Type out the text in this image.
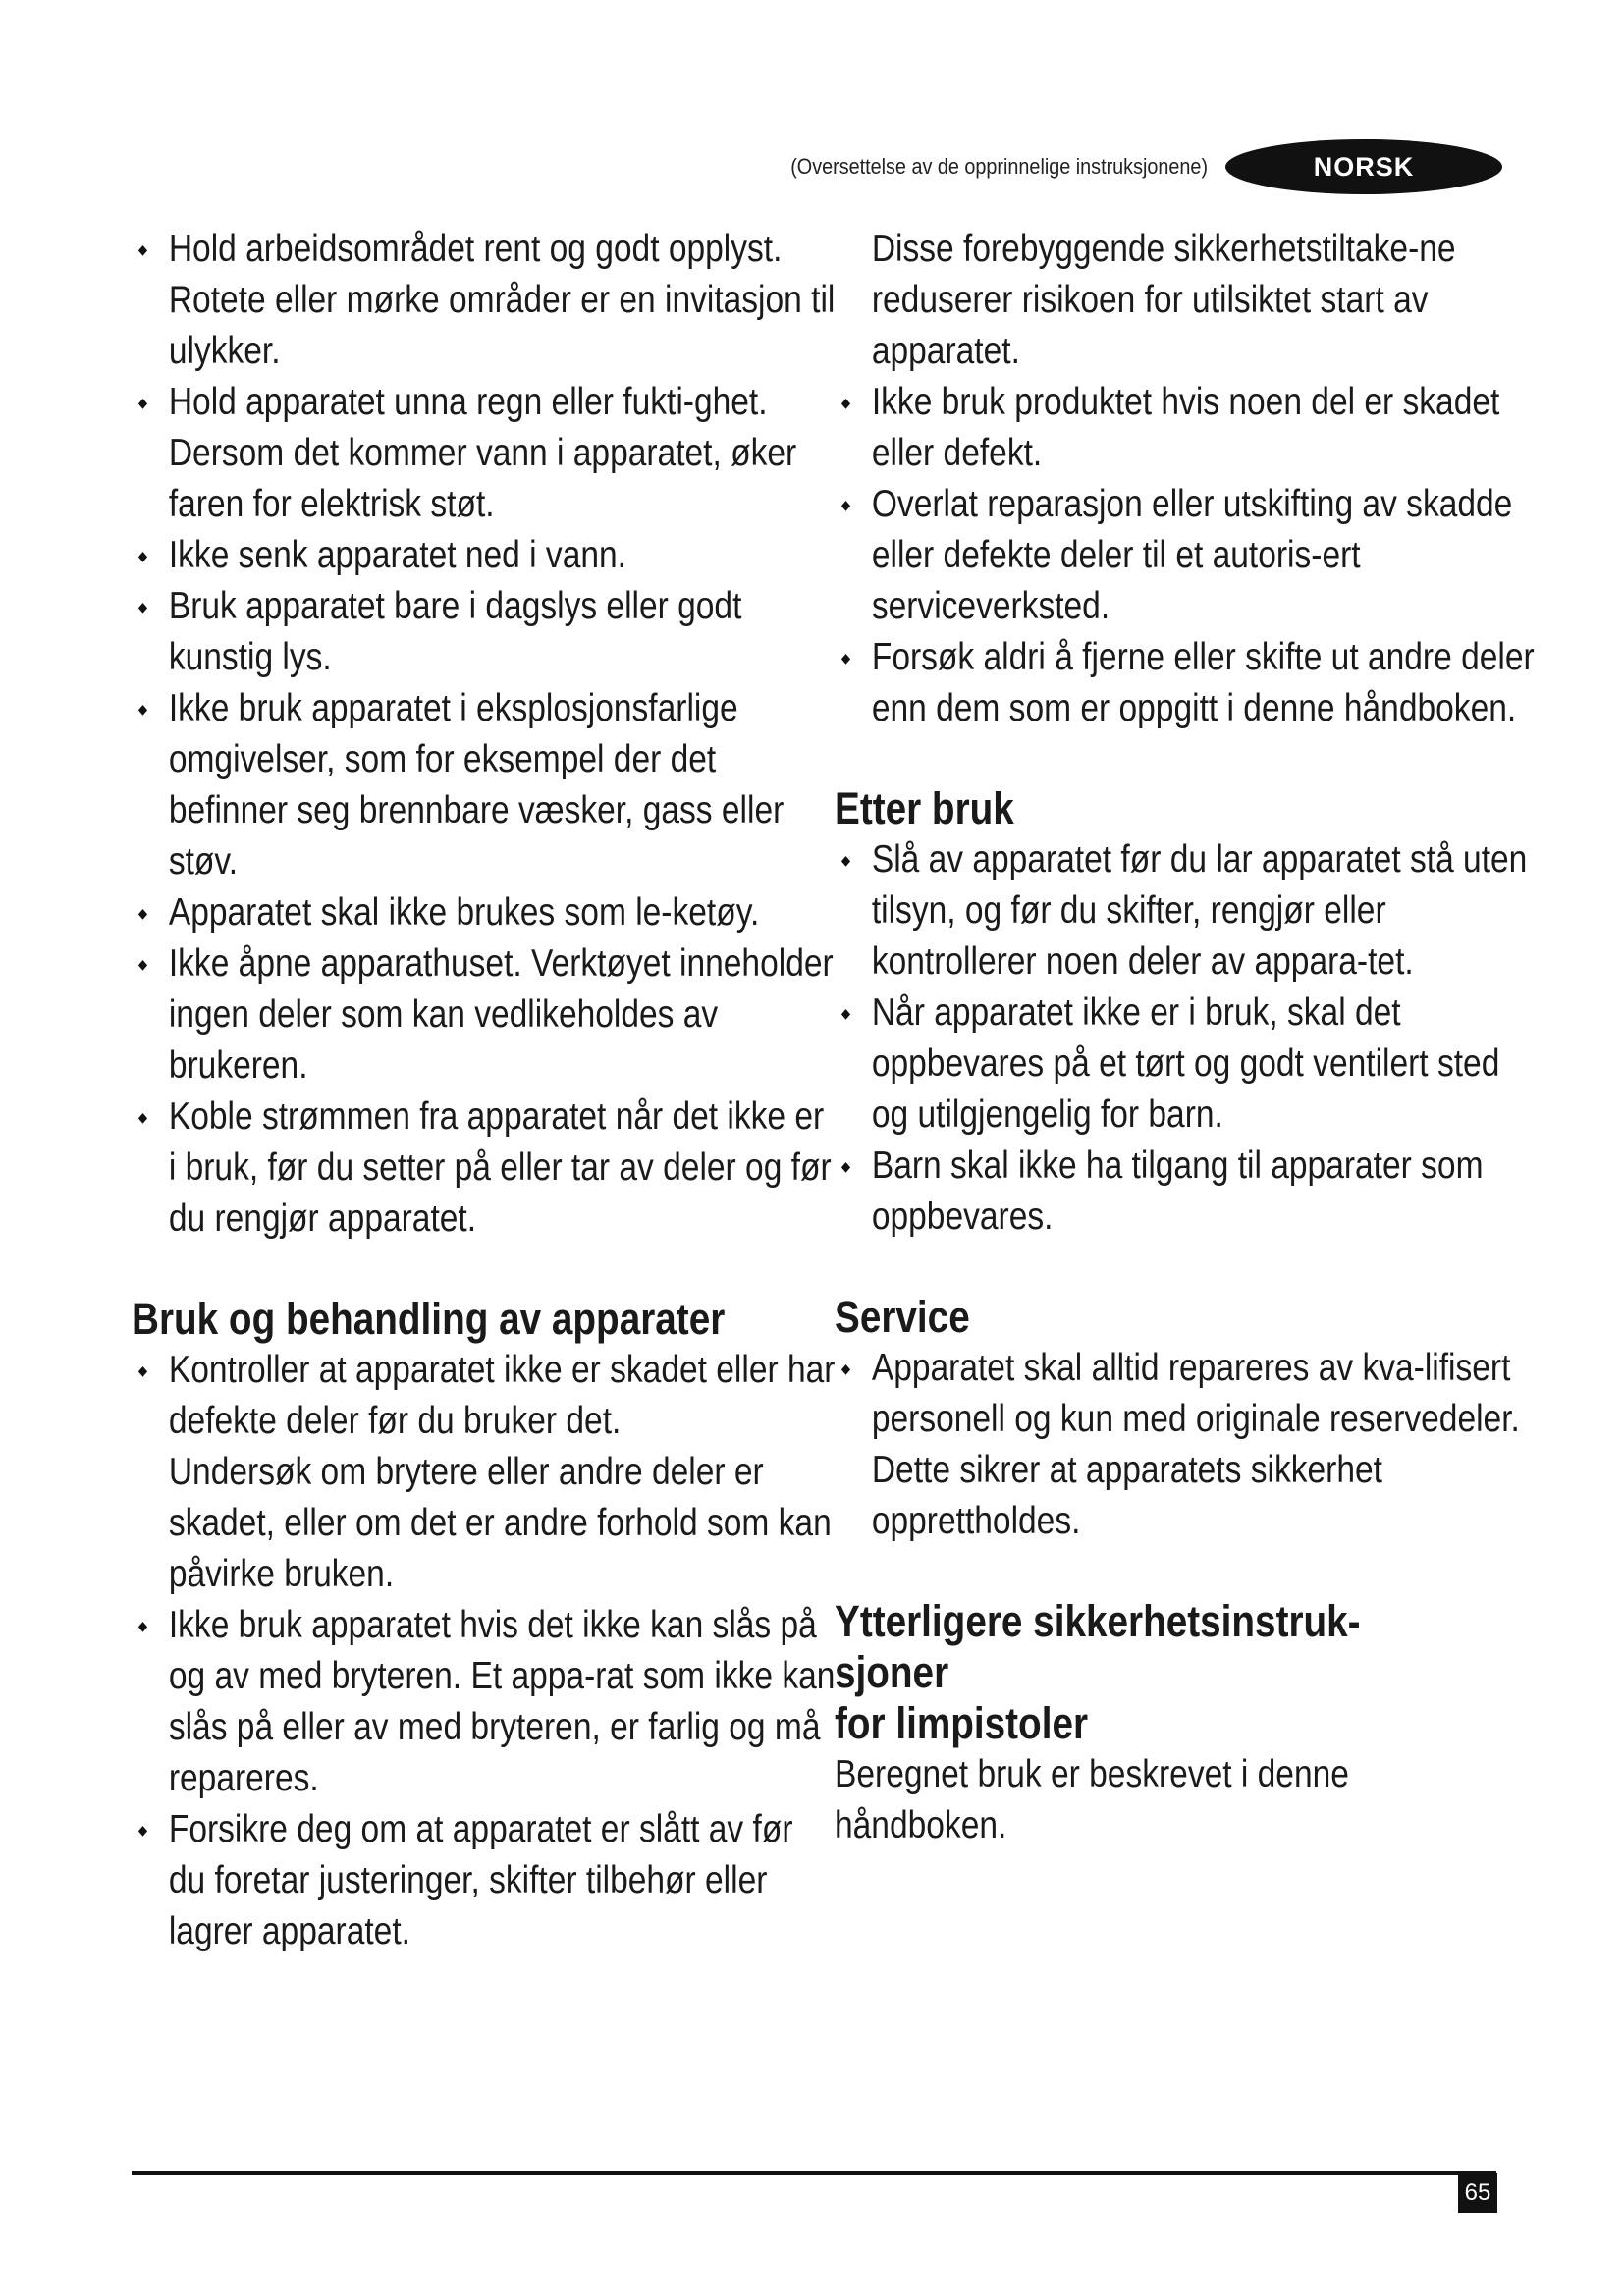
(Oversettelse av de opprinnelige instruksjonene)	NORSK
◆ Hold arbeidsområdet rent og godt opplyst. Rotete eller mørke områder er en invitasjon til ulykker.
◆ Hold apparatet unna regn eller fukti-ghet. Dersom det kommer vann i apparatet, øker faren for elektrisk støt.
◆ Ikke senk apparatet ned i vann.
◆ Bruk apparatet bare i dagslys eller godt kunstig lys.
◆ Ikke bruk apparatet i eksplosjonsfarlige omgivelser, som for eksempel der det befinner seg brennbare væsker, gass eller støv.
◆ Apparatet skal ikke brukes som le-ketøy.
◆ Ikke åpne apparathuset. Verktøyet inneholder ingen deler som kan vedlikeholdes av brukeren.
◆ Koble strømmen fra apparatet når det ikke er i bruk, før du setter på eller tar av deler og før du rengjør apparatet.
Bruk og behandling av apparater
◆ Kontroller at apparatet ikke er skadet eller har defekte deler før du bruker det.

Undersøk om brytere eller andre deler er skadet, eller om det er andre forhold som kan påvirke bruken.

◆ Ikke bruk apparatet hvis det ikke kan slås på og av med bryteren. Et appa-rat som ikke kan slås på eller av med bryteren, er farlig og må repareres.
◆ Forsikre deg om at apparatet er slått av før du foretar justeringer, skifter tilbehør eller lagrer apparatet.

Disse forebyggende sikkerhetstiltake-ne reduserer risikoen for utilsiktet start av apparatet.

◆ Ikke bruk produktet hvis noen del er skadet eller defekt.
◆ Overlat reparasjon eller utskifting av skadde eller defekte deler til et autoris-ert serviceverksted.
◆ Forsøk aldri å fjerne eller skifte ut andre deler enn dem som er oppgitt i denne håndboken.
Etter bruk
◆ Slå av apparatet før du lar apparatet stå uten tilsyn, og før du skifter, rengjør eller kontrollerer noen deler av appara-tet.
◆ Når apparatet ikke er i bruk, skal det oppbevares på et tørt og godt ventilert sted og utilgjengelig for barn.
◆ Barn skal ikke ha tilgang til apparater som oppbevares.
Service
◆ Apparatet skal alltid repareres av kva-lifisert personell og kun med originale reservedeler.

Dette sikrer at apparatets sikkerhet opprettholdes.

Ytterligere sikkerhetsinstruk-
sjoner
for limpistoler

Beregnet bruk er beskrevet i denne håndboken.

65
